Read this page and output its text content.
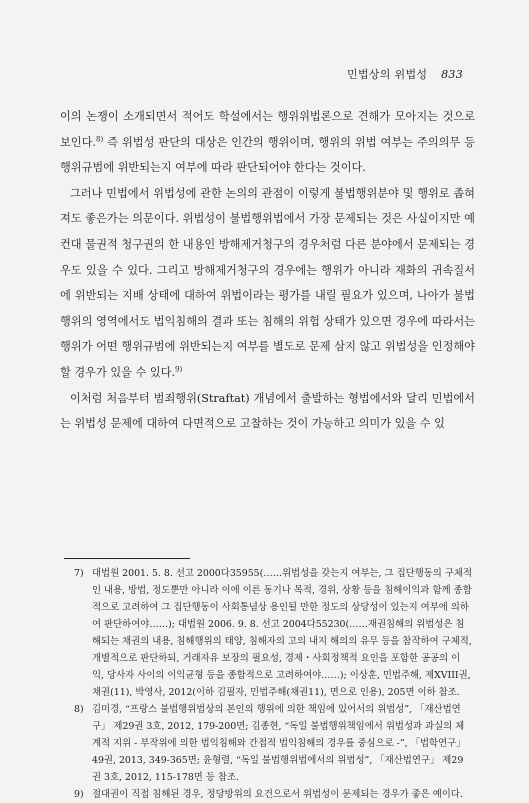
민법상의 위법성 833

이의 논쟁이 소개되면서 적어도 학설에서는 행위위법론으로 견해가 모아지는 것으로 보인다.$^{8)}$ 즉 위법성 판단의 대상은 인간의 행위이며, 행위의 위법 여부는 주의의무 등 행위규범에 위반되는지 여부에 따라 판단되어야 한다는 것이다.

그러나 민법에서 위법성에 관한 논의의 관점이 이렇게 불법행위분야 및 행위로 좁혀져도 좋은가는 의문이다. 위법성이 불법행위법에서 가장 문제되는 것은 사실이지만 예컨대 물권적 청구권의 한 내용인 방해제거청구의 경우처럼 다른 분야에서 문제되는 경우도 있을 수 있다. 그리고 방해제거청구의 경우에는 행위가 아니라 재화의 귀속질서에 위반되는 지배 상태에 대하여 위법이라는 평가를 내릴 필요가 있으며, 나아가 불법행위의 영역에서도 법익침해의 결과 또는 침해의 위험 상태가 있으면 경우에 따라서는 행위가 어떤 행위규범에 위반되는지 여부를 별도로 문제 삼지 않고 위법성을 인정해야 할 경우가 있을 수 있다.$^{9)}$

이처럼 처음부터 범죄행위(Straftat) 개념에서 출발하는 형법에서와 달리 민법에서는 위법성 문제에 대하여 다면적으로 고찰하는 것이 가능하고 의미가 있을 수 있

7) 대법원 2001. 5. 8. 선고 2000다35955(……위법성을 갖는지 여부는, 그 집단행동의 구체적인 내용, 방법, 정도뿐만 아니라 이에 이른 동기나 목적, 경위, 상황 등을 침해이익과 함께 종합적으로 고려하여 그 집단행동이 사회통념상 용인될 만한 정도의 상당성이 있는지 여부에 의하여 판단하여야……); 대법원 2006. 9. 8. 선고 2004다55230(……재권침해의 위법성은 침해되는 채권의 내용, 침해행위의 태양, 침해자의 고의 내지 해의의 유무 등을 참작하여 구체적, 개별적으로 판단하되, 거래자유 보장의 필요성, 경제・사회정책적 요인을 포함한 공공의 이익, 당사자 사이의 이익균형 등을 종합적으로 고려하여야……); 이상훈, 민법주해, 제XVIII권, 채권(11), 박영사, 2012(이하 김필자, 민법주해(채권11), 면으로 인용), 205면 이하 참조.

8) 김미경, “프랑스 불법행위법상의 본인의 행위에 의한 책임에 있어서의 위법성”, 「재산법연구」 제29권 3호, 2012, 179-200면; 김종현, “독일 불법행위책임에서 위법성과 과실의 체계적 지위 - 부작위에 의한 법익침해와 간접적 법익침해의 경우를 중심으로 -”, 「법학연구」 49권, 2013, 349-365면; 윤형렬, “독일 불법행위법에서의 위법성”, 「재산법연구」 제29권 3호, 2012, 115-178면 등 참조.

9) 절대권이 직접 침해된 경우, 정당방위의 요건으로서 위법성이 문제되는 경우가 좋은 예이다.
